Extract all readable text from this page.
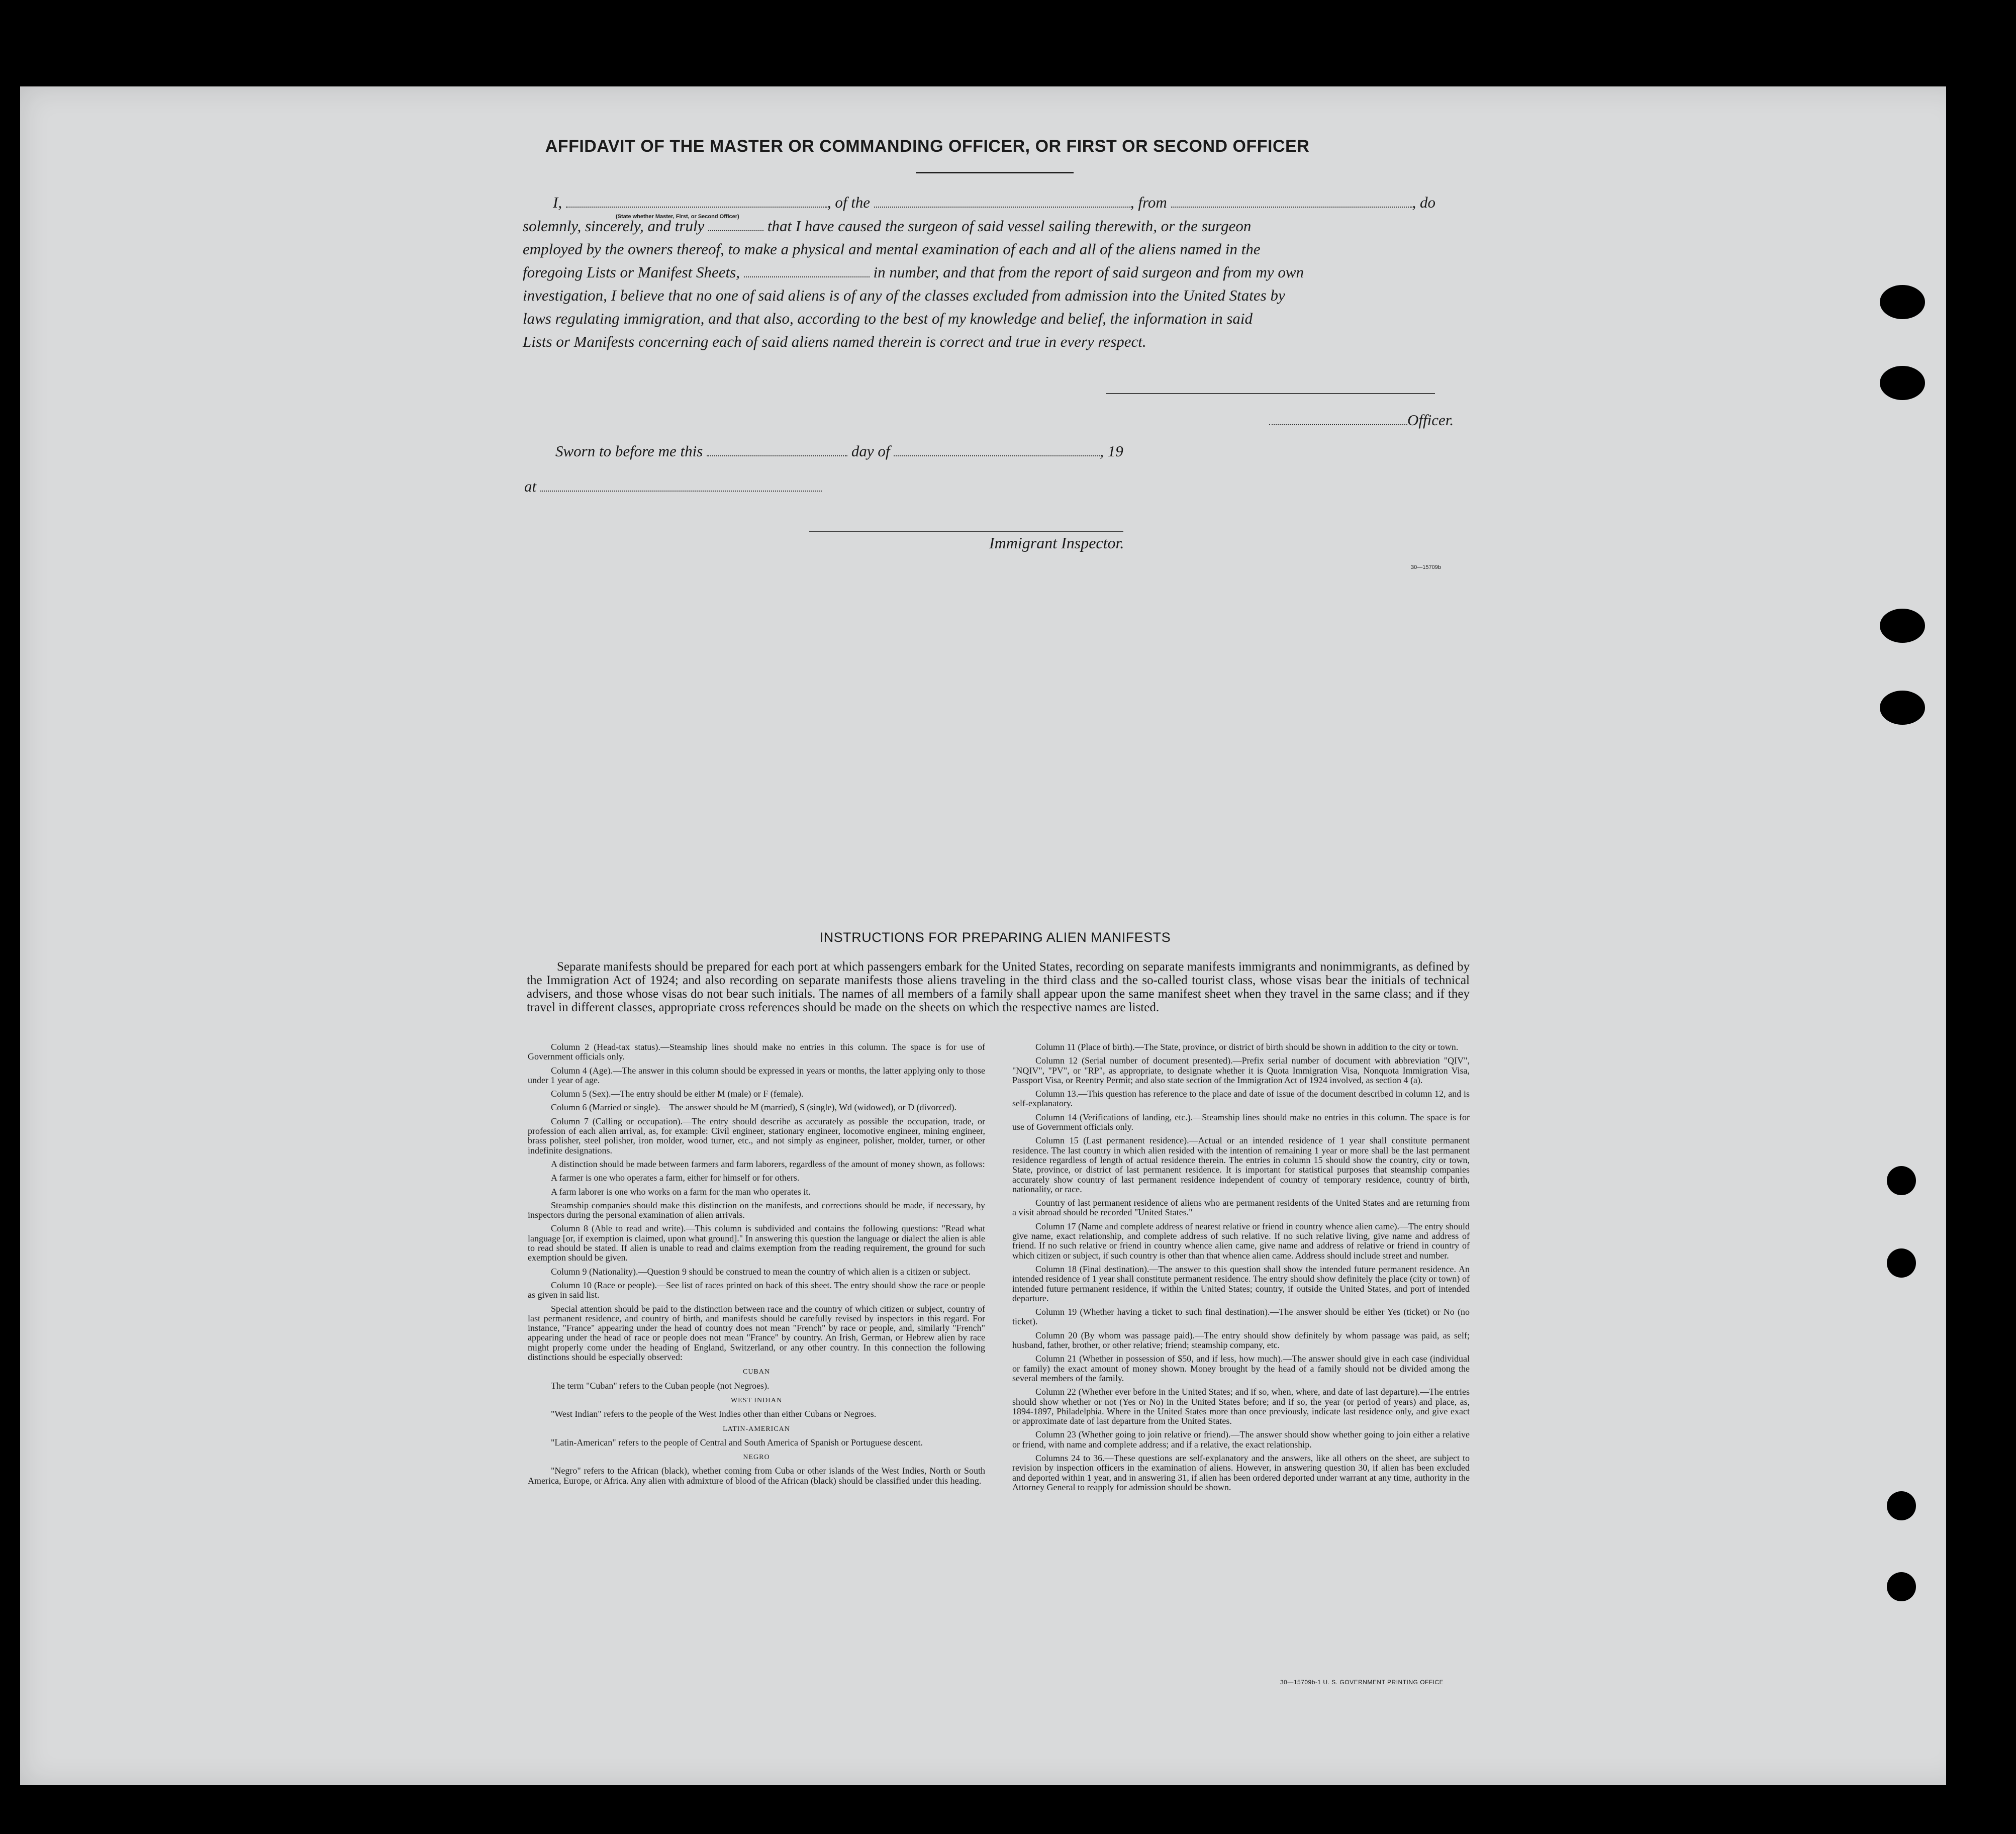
AFFIDAVIT OF THE MASTER OR COMMANDING OFFICER, OR FIRST OR SECOND OFFICER
I,	, of the	, from	, do
(State whether Master, First, or Second Officer)
solemnly, sincerely, and truly	that I have caused the surgeon of said vessel sailing therewith, or the surgeon
employed by the owners thereof, to make a physical and mental examination of each and all of the aliens named in the
foregoing Lists or Manifest Sheets,	in number, and that from the report of said surgeon and from my own
investigation, I believe that no one of said aliens is of any of the classes excluded from admission into the United States by
laws regulating immigration, and that also, according to the best of my knowledge and belief, the information in said
Lists or Manifests concerning each of said aliens named therein is correct and true in every respect.
Officer.
Sworn to before me this	day of	, 19
at
Immigrant Inspector.
30—15709b
INSTRUCTIONS FOR PREPARING ALIEN MANIFESTS
Separate manifests should be prepared for each port at which passengers embark for the United States, recording on separate manifests immigrants and nonimmigrants, as defined by the Immigration Act of 1924; and also recording on separate manifests those aliens traveling in the third class and the so-called tourist class, whose visas bear the initials of technical advisers, and those whose visas do not bear such initials. The names of all members of a family shall appear upon the same manifest sheet when they travel in the same class; and if they travel in different classes, appropriate cross references should be made on the sheets on which the respective names are listed.

Column 2 (Head-tax status).—Steamship lines should make no entries in this column. The space is for use of Government officials only.

Column 4 (Age).—The answer in this column should be expressed in years or months, the latter applying only to those under 1 year of age.

Column 5 (Sex).—The entry should be either M (male) or F (female).

Column 6 (Married or single).—The answer should be M (married), S (single), Wd (widowed), or D (divorced).

Column 7 (Calling or occupation).—The entry should describe as accurately as possible the occupation, trade, or profession of each alien arrival, as, for example: Civil engineer, stationary engineer, locomotive engineer, mining engineer, brass polisher, steel polisher, iron molder, wood turner, etc., and not simply as engineer, polisher, molder, turner, or other indefinite designations.

A distinction should be made between farmers and farm laborers, regardless of the amount of money shown, as follows:

A farmer is one who operates a farm, either for himself or for others.

A farm laborer is one who works on a farm for the man who operates it.

Steamship companies should make this distinction on the manifests, and corrections should be made, if necessary, by inspectors during the personal examination of alien arrivals.

Column 8 (Able to read and write).—This column is subdivided and contains the following questions: "Read what language [or, if exemption is claimed, upon what ground]." In answering this question the language or dialect the alien is able to read should be stated. If alien is unable to read and claims exemption from the reading requirement, the ground for such exemption should be given.

Column 9 (Nationality).—Question 9 should be construed to mean the country of which alien is a citizen or subject.

Column 10 (Race or people).—See list of races printed on back of this sheet. The entry should show the race or people as given in said list.

Special attention should be paid to the distinction between race and the country of which citizen or subject, country of last permanent residence, and country of birth, and manifests should be carefully revised by inspectors in this regard. For instance, "France" appearing under the head of country does not mean "French" by race or people, and, similarly "French" appearing under the head of race or people does not mean "France" by country. An Irish, German, or Hebrew alien by race might properly come under the heading of England, Switzerland, or any other country. In this connection the following distinctions should be especially observed:

CUBAN

The term "Cuban" refers to the Cuban people (not Negroes).

WEST INDIAN

"West Indian" refers to the people of the West Indies other than either Cubans or Negroes.

LATIN-AMERICAN

"Latin-American" refers to the people of Central and South America of Spanish or Portuguese descent.

NEGRO

"Negro" refers to the African (black), whether coming from Cuba or other islands of the West Indies, North or South America, Europe, or Africa. Any alien with admixture of blood of the African (black) should be classified under this heading.

Column 11 (Place of birth).—The State, province, or district of birth should be shown in addition to the city or town.

Column 12 (Serial number of document presented).—Prefix serial number of document with abbreviation "QIV", "NQIV", "PV", or "RP", as appropriate, to designate whether it is Quota Immigration Visa, Nonquota Immigration Visa, Passport Visa, or Reentry Permit; and also state section of the Immigration Act of 1924 involved, as section 4 (a).

Column 13.—This question has reference to the place and date of issue of the document described in column 12, and is self-explanatory.

Column 14 (Verifications of landing, etc.).—Steamship lines should make no entries in this column. The space is for use of Government officials only.

Column 15 (Last permanent residence).—Actual or an intended residence of 1 year shall constitute permanent residence. The last country in which alien resided with the intention of remaining 1 year or more shall be the last permanent residence regardless of length of actual residence therein. The entries in column 15 should show the country, city or town, State, province, or district of last permanent residence. It is important for statistical purposes that steamship companies accurately show country of last permanent residence independent of country of temporary residence, country of birth, nationality, or race.

Country of last permanent residence of aliens who are permanent residents of the United States and are returning from a visit abroad should be recorded "United States."

Column 17 (Name and complete address of nearest relative or friend in country whence alien came).—The entry should give name, exact relationship, and complete address of such relative. If no such relative living, give name and address of friend. If no such relative or friend in country whence alien came, give name and address of relative or friend in country of which citizen or subject, if such country is other than that whence alien came. Address should include street and number.

Column 18 (Final destination).—The answer to this question shall show the intended future permanent residence. An intended residence of 1 year shall constitute permanent residence. The entry should show definitely the place (city or town) of intended future permanent residence, if within the United States; country, if outside the United States, and port of intended departure.

Column 19 (Whether having a ticket to such final destination).—The answer should be either Yes (ticket) or No (no ticket).

Column 20 (By whom was passage paid).—The entry should show definitely by whom passage was paid, as self; husband, father, brother, or other relative; friend; steamship company, etc.

Column 21 (Whether in possession of $50, and if less, how much).—The answer should give in each case (individual or family) the exact amount of money shown. Money brought by the head of a family should not be divided among the several members of the family.

Column 22 (Whether ever before in the United States; and if so, when, where, and date of last departure).—The entries should show whether or not (Yes or No) in the United States before; and if so, the year (or period of years) and place, as, 1894-1897, Philadelphia. Where in the United States more than once previously, indicate last residence only, and give exact or approximate date of last departure from the United States.

Column 23 (Whether going to join relative or friend).—The answer should show whether going to join either a relative or friend, with name and complete address; and if a relative, the exact relationship.

Columns 24 to 36.—These questions are self-explanatory and the answers, like all others on the sheet, are subject to revision by inspection officers in the examination of aliens. However, in answering question 30, if alien has been excluded and deported within 1 year, and in answering 31, if alien has been ordered deported under warrant at any time, authority in the Attorney General to reapply for admission should be shown.

30—15709b-1 U. S. GOVERNMENT PRINTING OFFICE
